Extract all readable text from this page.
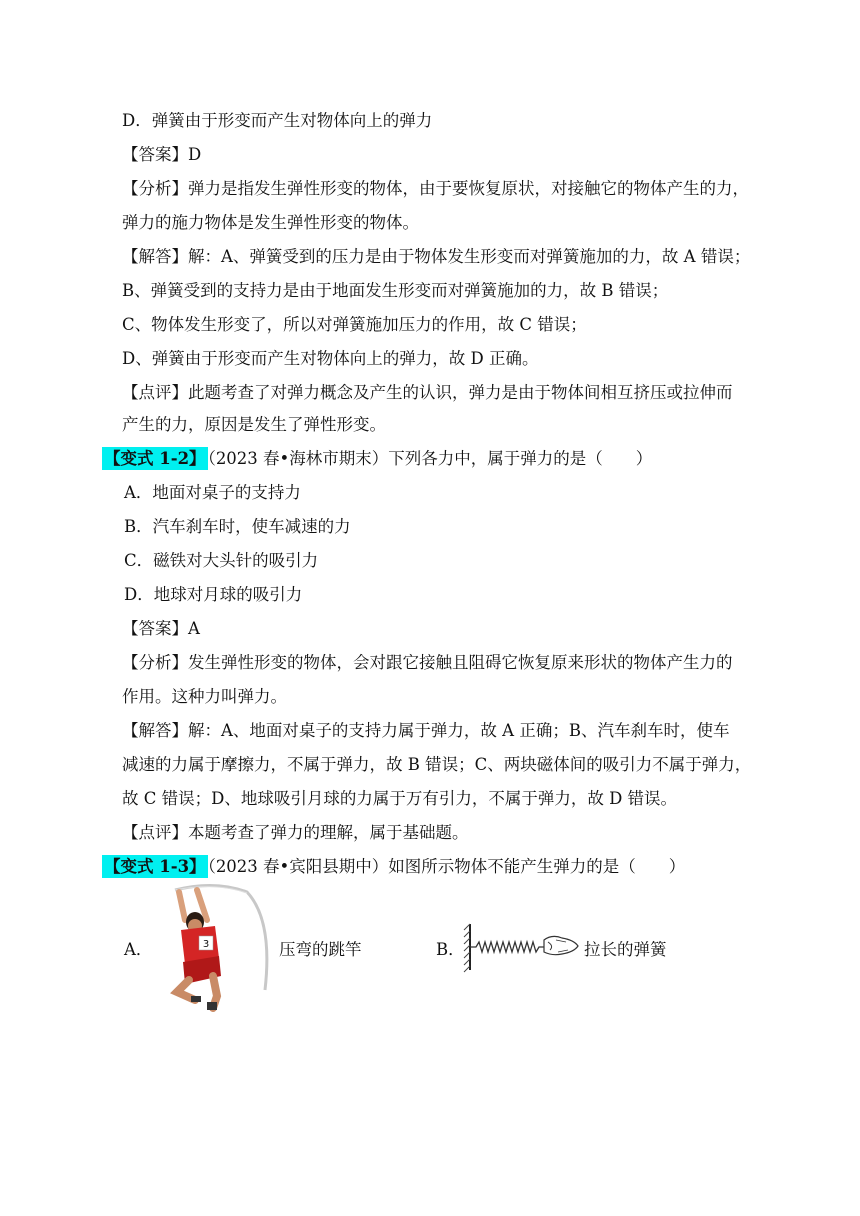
D．弹簧由于形变而产生对物体向上的弹力
【答案】D
【分析】弹力是指发生弹性形变的物体，由于要恢复原状，对接触它的物体产生的力，
弹力的施力物体是发生弹性形变的物体。
【解答】解：A、弹簧受到的压力是由于物体发生形变而对弹簧施加的力，故 A 错误；
B、弹簧受到的支持力是由于地面发生形变而对弹簧施加的力，故 B 错误；
C、物体发生形变了，所以对弹簧施加压力的作用，故 C 错误；
D、弹簧由于形变而产生对物体向上的弹力，故 D 正确。
【点评】此题考查了对弹力概念及产生的认识，弹力是由于物体间相互挤压或拉伸而
产生的力，原因是发生了弹性形变。
【变式 1-2】 （2023 春•海林市期末）下列各力中，属于弹力的是（　　）
A．地面对桌子的支持力
B．汽车刹车时，使车减速的力
C．磁铁对大头针的吸引力
D．地球对月球的吸引力
【答案】A
【分析】发生弹性形变的物体，会对跟它接触且阻碍它恢复原来形状的物体产生力的
作用。这种力叫弹力。
【解答】解：A、地面对桌子的支持力属于弹力，故 A 正确；B、汽车刹车时，使车
减速的力属于摩擦力，不属于弹力，故 B 错误；C、两块磁体间的吸引力不属于弹力，
故 C 错误；D、地球吸引月球的力属于万有引力，不属于弹力，故 D 错误。
【点评】本题考查了弹力的理解，属于基础题。
【变式 1-3】 （2023 春•宾阳县期中）如图所示物体不能产生弹力的是（　　）
A．	3	压弯的跳竿	B．	拉长的弹簧
